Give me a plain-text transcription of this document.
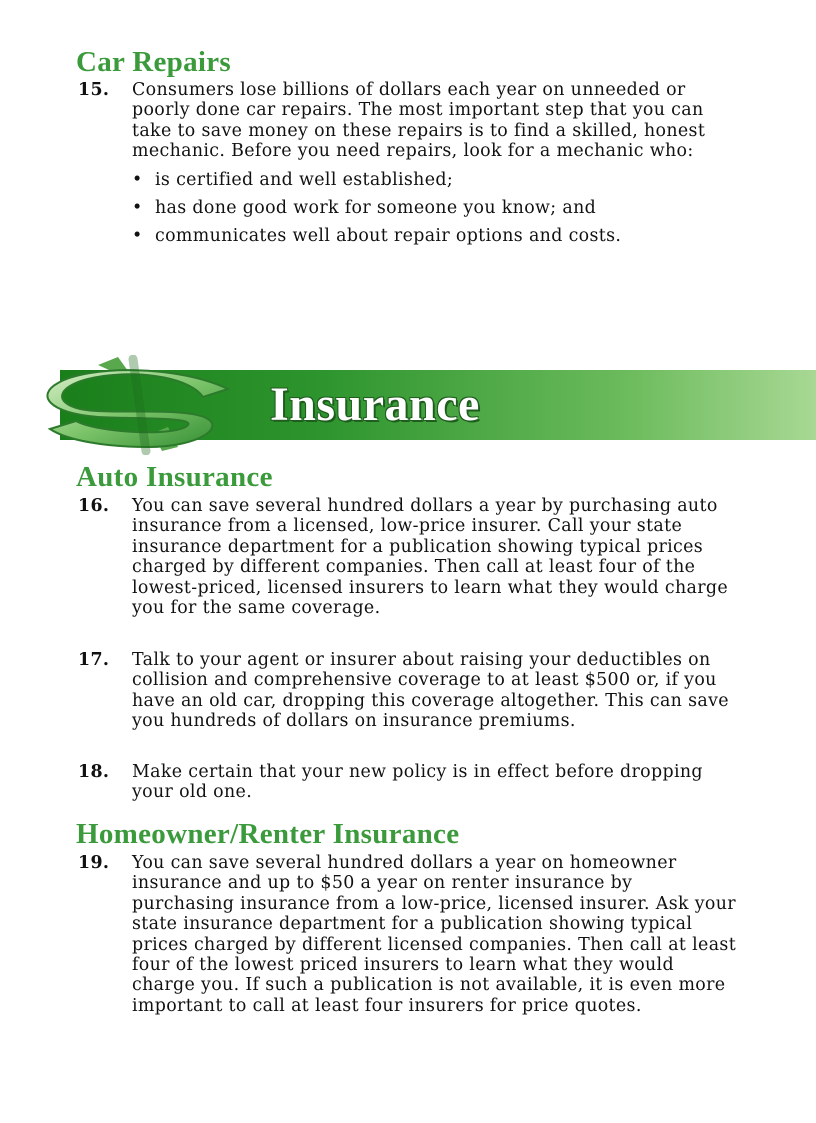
Car Repairs
15. Consumers lose billions of dollars each year on unneeded or poorly done car repairs. The most important step that you can take to save money on these repairs is to find a skilled, honest mechanic. Before you need repairs, look for a mechanic who:
• is certified and well established;
• has done good work for someone you know; and
• communicates well about repair options and costs.
Insurance
Auto Insurance
16. You can save several hundred dollars a year by purchasing auto insurance from a licensed, low-price insurer. Call your state insurance department for a publication showing typical prices charged by different companies. Then call at least four of the lowest-priced, licensed insurers to learn what they would charge you for the same coverage.
17. Talk to your agent or insurer about raising your deductibles on collision and comprehensive coverage to at least $500 or, if you have an old car, dropping this coverage altogether. This can save you hundreds of dollars on insurance premiums.
18. Make certain that your new policy is in effect before dropping your old one.
Homeowner/Renter Insurance
19. You can save several hundred dollars a year on homeowner insurance and up to $50 a year on renter insurance by purchasing insurance from a low-price, licensed insurer. Ask your state insurance department for a publication showing typical prices charged by different licensed companies. Then call at least four of the lowest priced insurers to learn what they would charge you. If such a publication is not available, it is even more important to call at least four insurers for price quotes.
